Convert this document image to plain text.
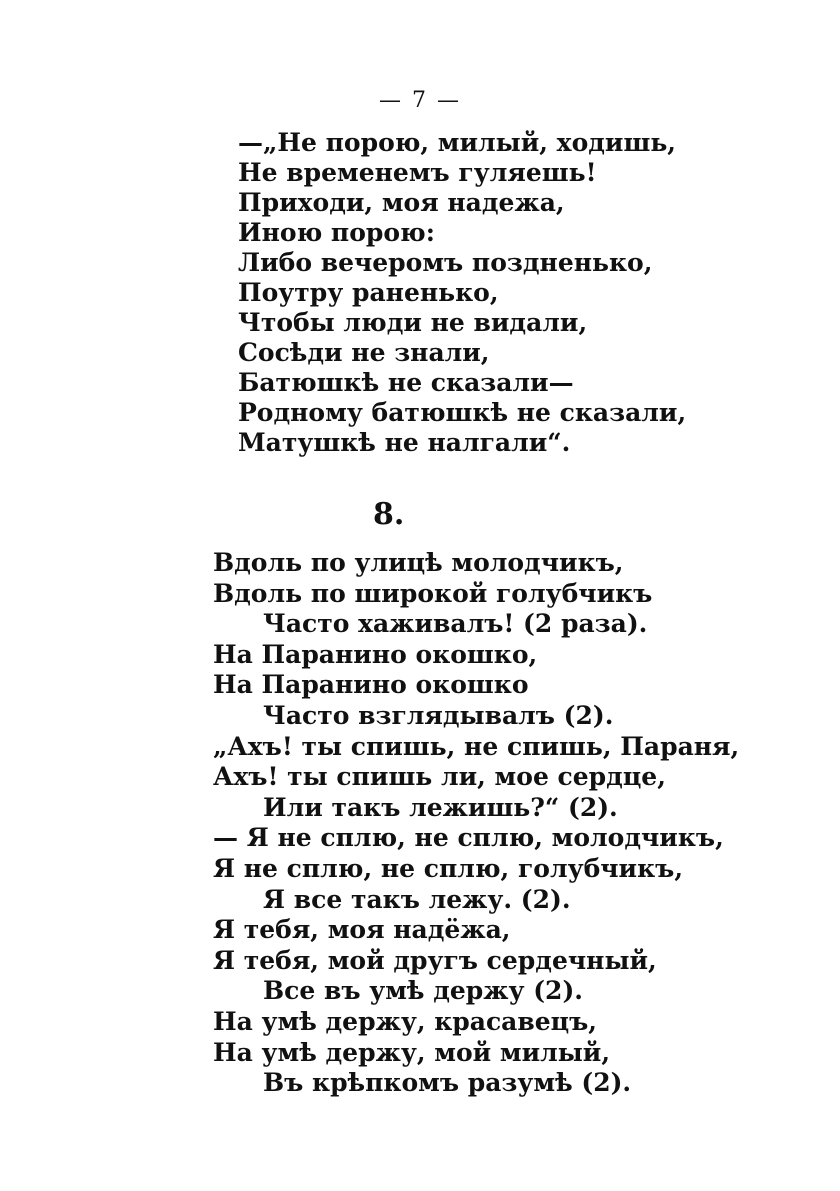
— 7 —
—„Не порою, милый, ходишь,
Не временемъ гуляешь!
Приходи, моя надежа,
Иною порою:
Либо вечеромъ поздненько,
Поутру раненько,
Чтобы люди не видали,
Сосѣди не знали,
Батюшкѣ не сказали—
Родному батюшкѣ не сказали,
Матушкѣ не налгали“.
8.
Вдоль по улицѣ молодчикъ,
Вдоль по широкой голубчикъ
Часто хаживалъ! (2 раза).
На Паранино окошко,
На Паранино окошко
Часто взглядывалъ (2).
„Ахъ! ты спишь, не спишь, Параня,
Ахъ! ты спишь ли, мое сердце,
Или такъ лежишь?“ (2).
— Я не сплю, не сплю, молодчикъ,
Я не сплю, не сплю, голубчикъ,
Я все такъ лежу. (2).
Я тебя, моя надёжа,
Я тебя, мой другъ сердечный,
Все въ умѣ держу (2).
На умѣ держу, красавецъ,
На умѣ держу, мой милый,
Въ крѣпкомъ разумѣ (2).
